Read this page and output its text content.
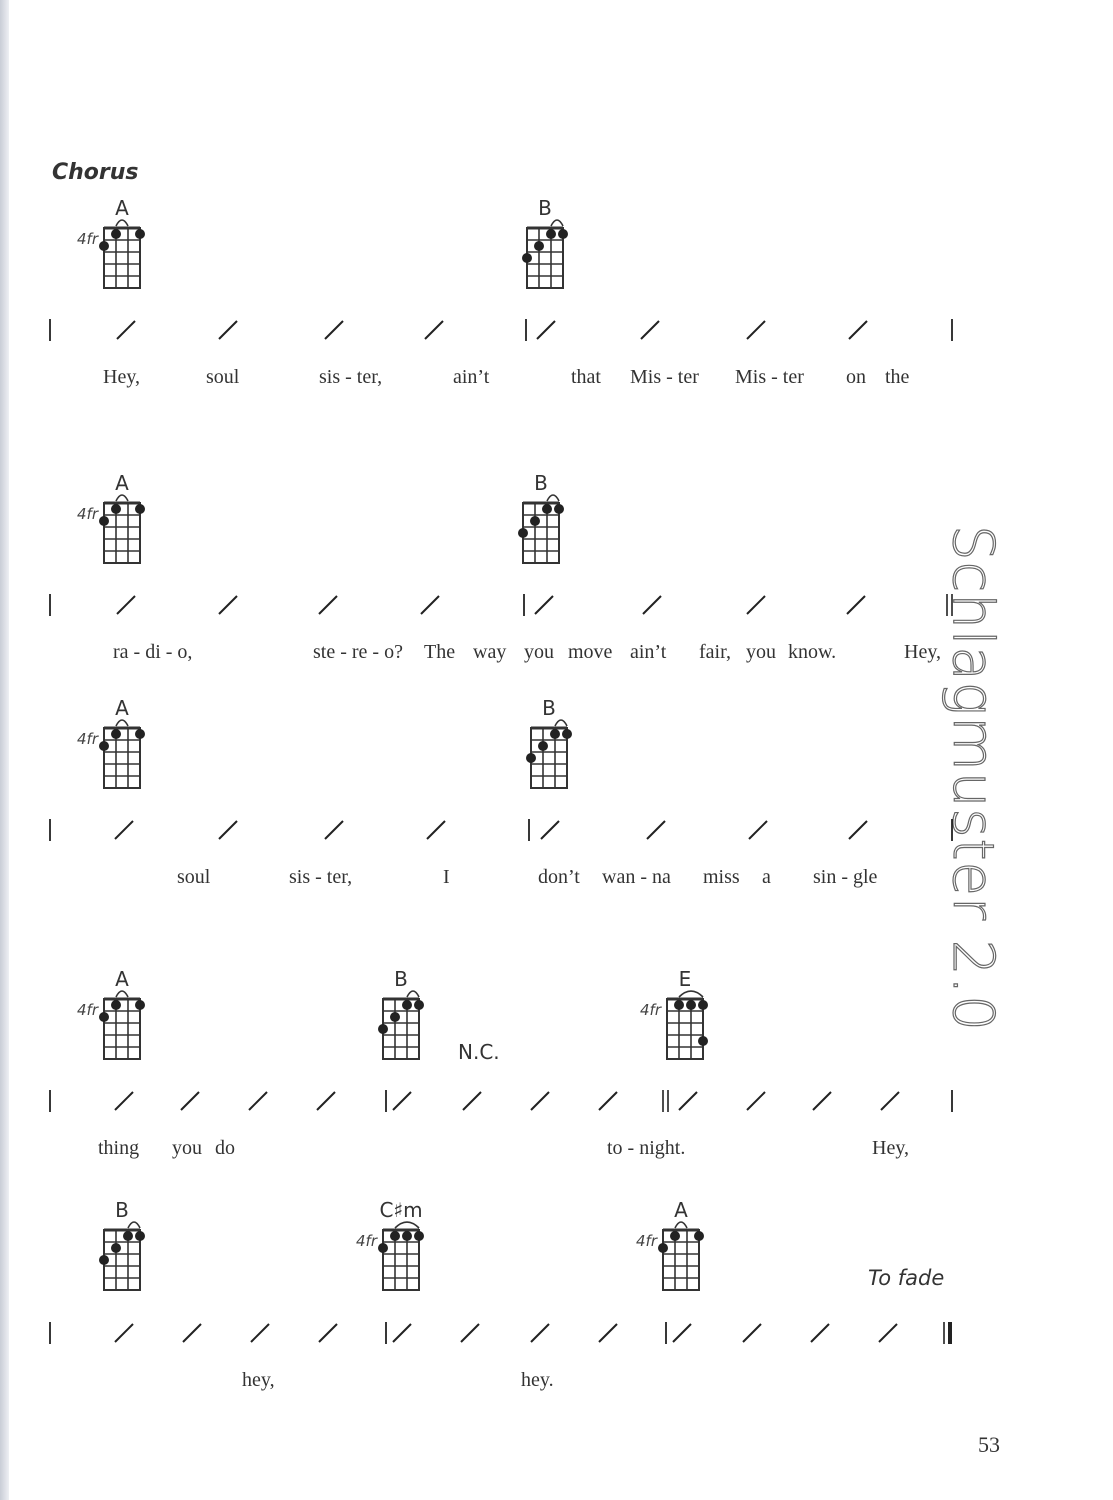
Chorus
Schlagmuster 2.0
53
N.C.
To fade
A
4fr
B
A
4fr
B
A
4fr
B
A
4fr
B	E
4fr
B	C♯m
4fr
A
4fr
Hey,	soul	sis - ter,	ain’t	that Mis - ter Mis - ter on the
ra - di - o,	ste - re - o? The way you move ain’t fair, you know.	Hey,
soul	sis - ter,	I	don’t wan - na miss a sin - gle
thing you do	to - night.	Hey,
hey,	hey.
